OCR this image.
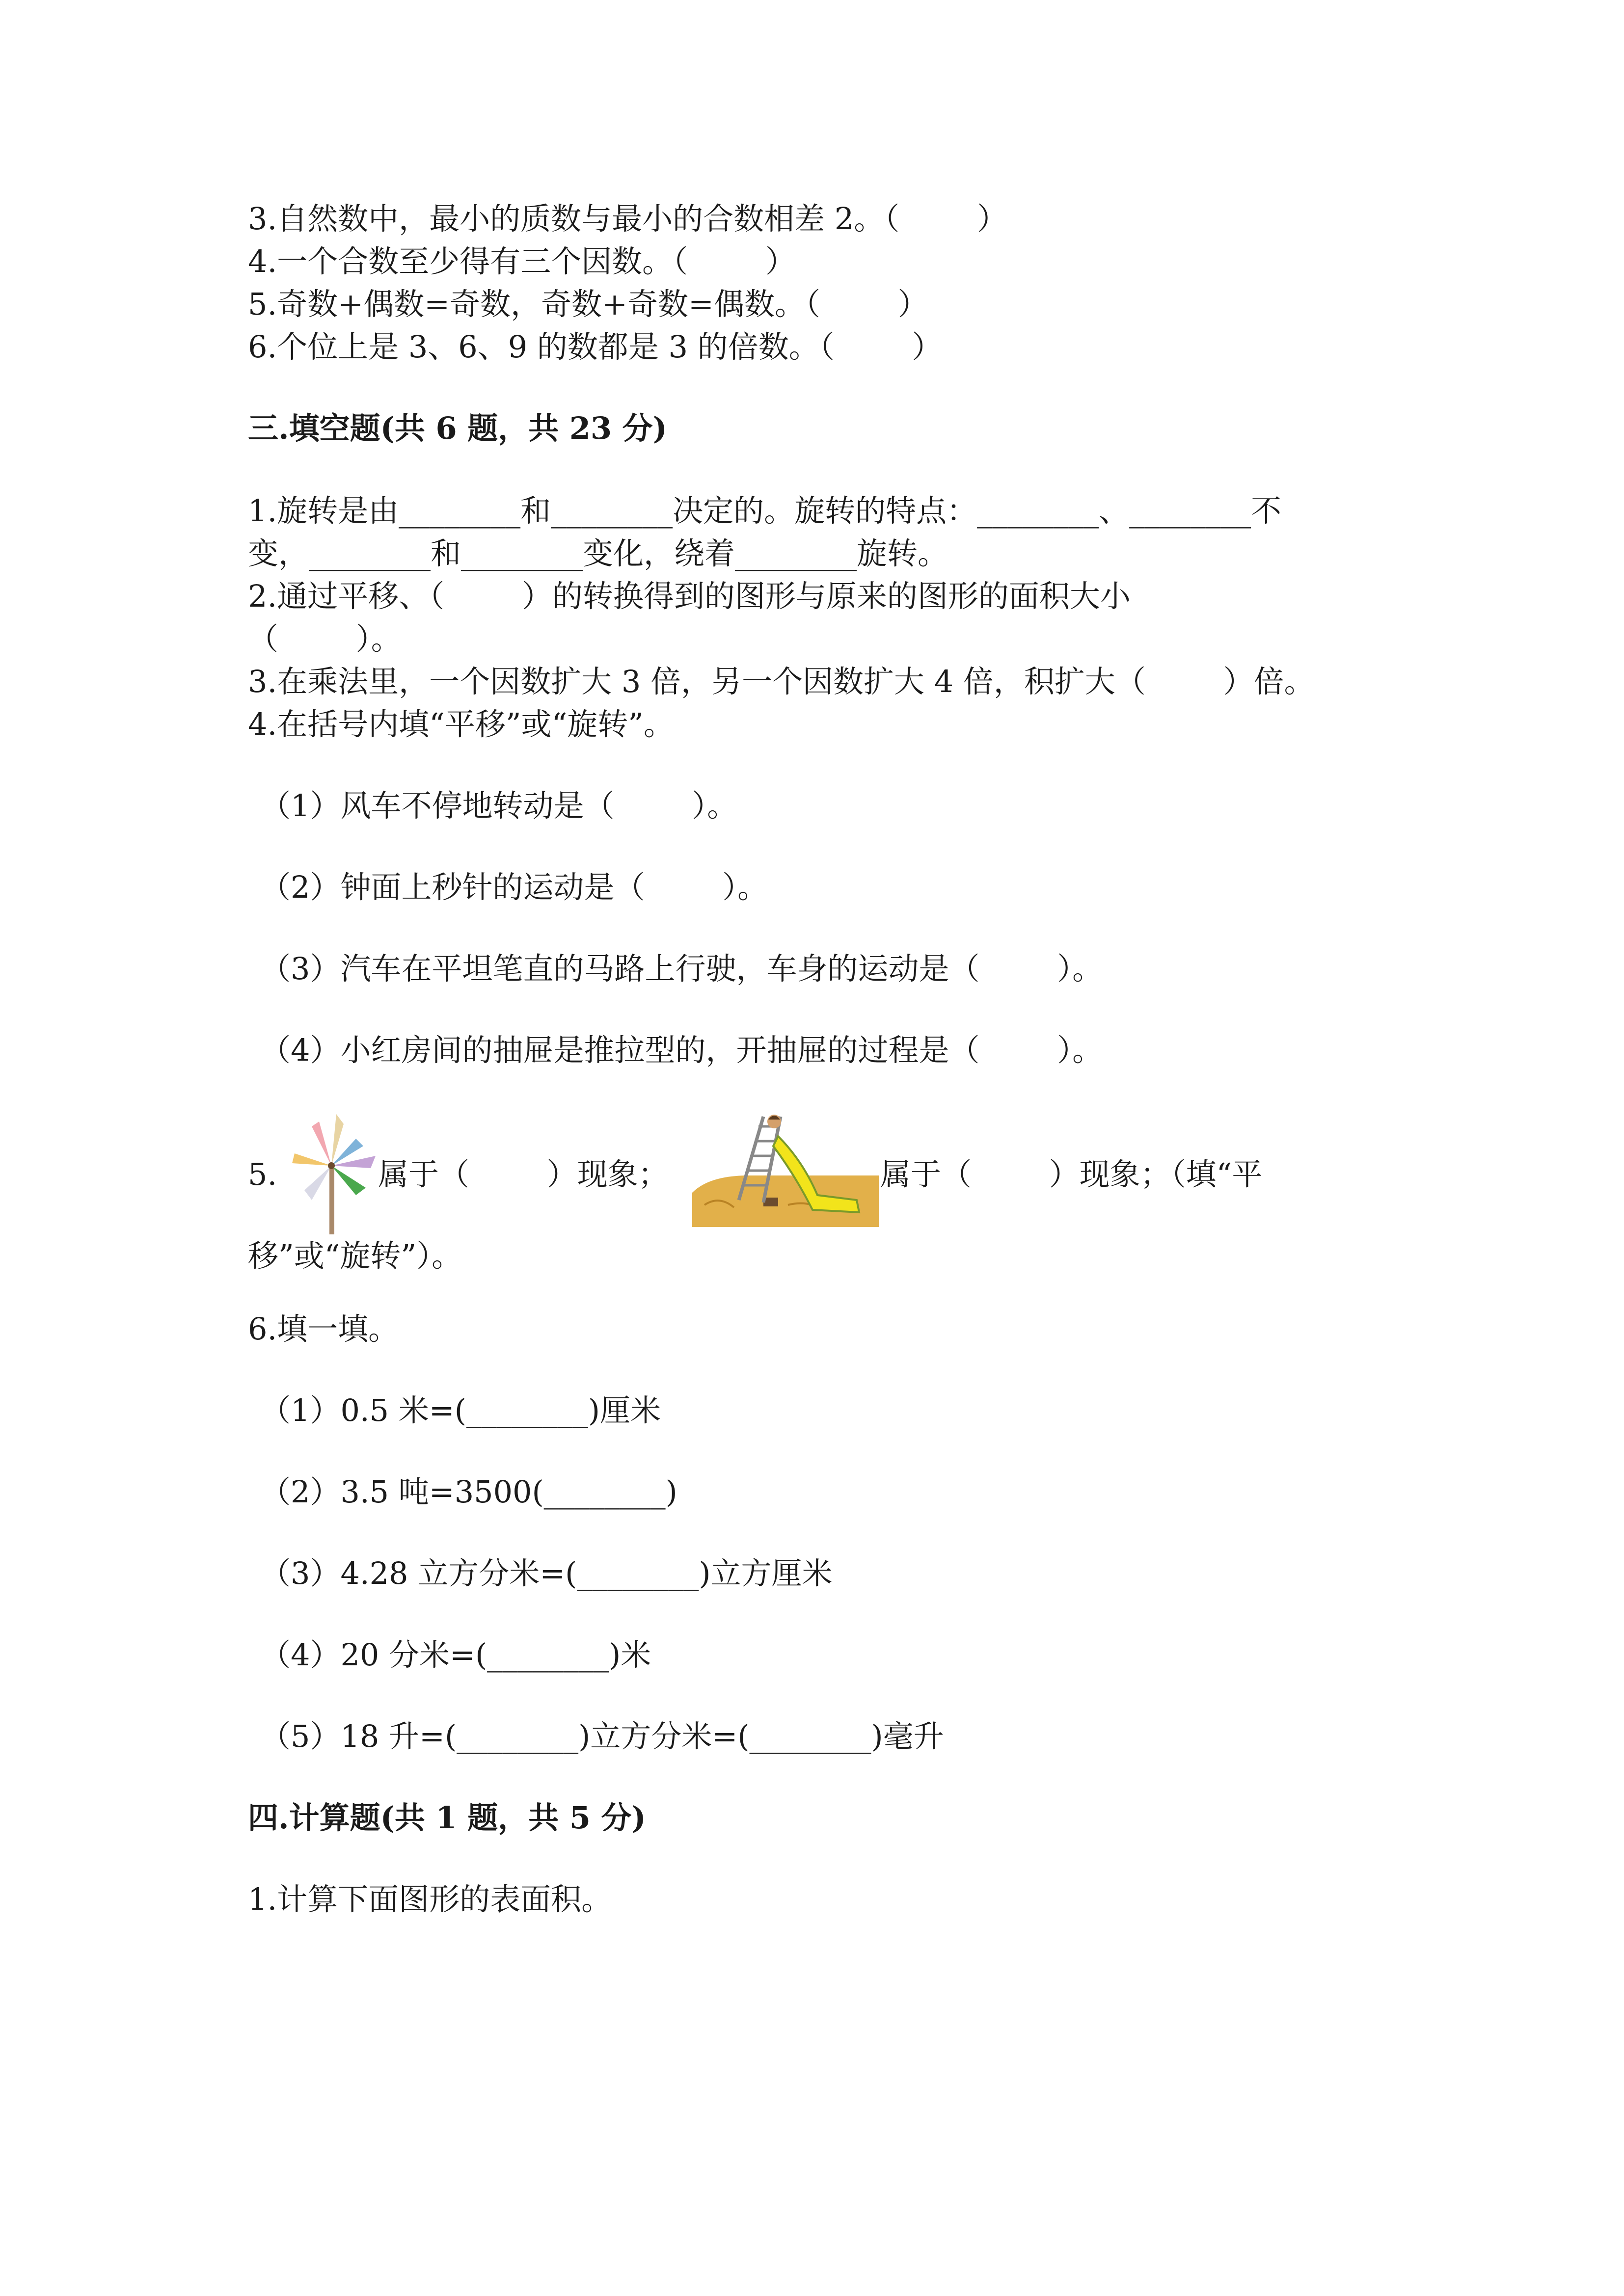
3.自然数中，最小的质数与最小的合数相差 2。（        ）
4.一个合数至少得有三个因数。（        ）
5.奇数+偶数=奇数，奇数+奇数=偶数。（        ）
6.个位上是 3、6、9 的数都是 3 的倍数。（        ）
三.填空题(共 6 题，共 23 分)
1.旋转是由________和________决定的。旋转的特点：________、________不
变，________和________变化，绕着________旋转。
2.通过平移、（        ）的转换得到的图形与原来的图形的面积大小
（        ）。
3.在乘法里，一个因数扩大 3 倍，另一个因数扩大 4 倍，积扩大（        ）倍。
4.在括号内填“平移”或“旋转”。
（1）风车不停地转动是（        ）。
（2）钟面上秒针的运动是（        ）。
（3）汽车在平坦笔直的马路上行驶，车身的运动是（        ）。
（4）小红房间的抽屉是推拉型的，开抽屉的过程是（        ）。
5.	属于（        ）现象；	属于（        ）现象；（填“平
移”或“旋转”）。
6.填一填。
（1）0.5 米=(________)厘米
（2）3.5 吨=3500(________)
（3）4.28 立方分米=(________)立方厘米
（4）20 分米=(________)米
（5）18 升=(________)立方分米=(________)毫升
四.计算题(共 1 题，共 5 分)
1.计算下面图形的表面积。
